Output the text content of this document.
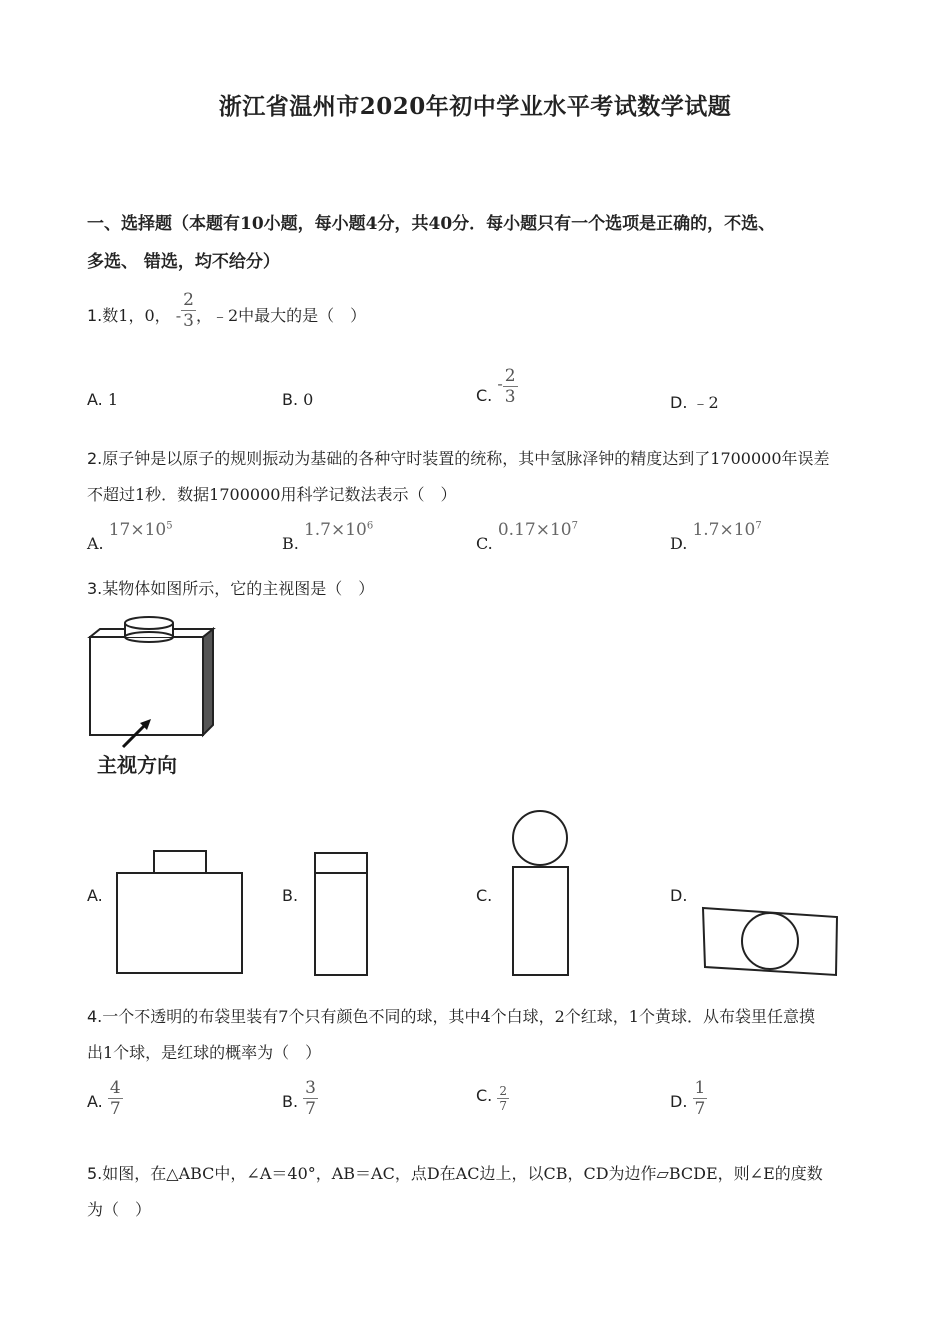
浙江省温州市2020年初中学业水平考试数学试题
一、选择题（本题有10小题，每小题4分，共40分．每小题只有一个选项是正确的，不选、
多选、 错选，均不给分）
1.数1，0， - $\frac{2}{3}$ ，﹣2中最大的是（　）
A. 1	B. 0	C. - $\frac{2}{3}$	D. ﹣2
2.原子钟是以原子的规则振动为基础的各种守时装置的统称，其中氢脉泽钟的精度达到了1700000年误差
不超过1秒．数据1700000用科学记数法表示（　）
A. $17\times 10^5$
B. $1.7\times 10^6$
C. $0.17\times 10^7$
D. $1.7\times 10^7$
3.某物体如图所示，它的主视图是（　）
主视方向
A.	B.	C.	D.
4.一个不透明的布袋里装有7个只有颜色不同的球，其中4个白球，2个红球，1个黄球．从布袋里任意摸
出1个球，是红球的概率为（　）
A. $\frac{4}{7}$	B. $\frac{3}{7}$	C. $\frac{2}{7}$	D. $\frac{1}{7}$
5.如图，在△ABC中，∠A＝40°，AB＝AC，点D在AC边上，以CB，CD为边作▱BCDE，则∠E的度数
为（　）
